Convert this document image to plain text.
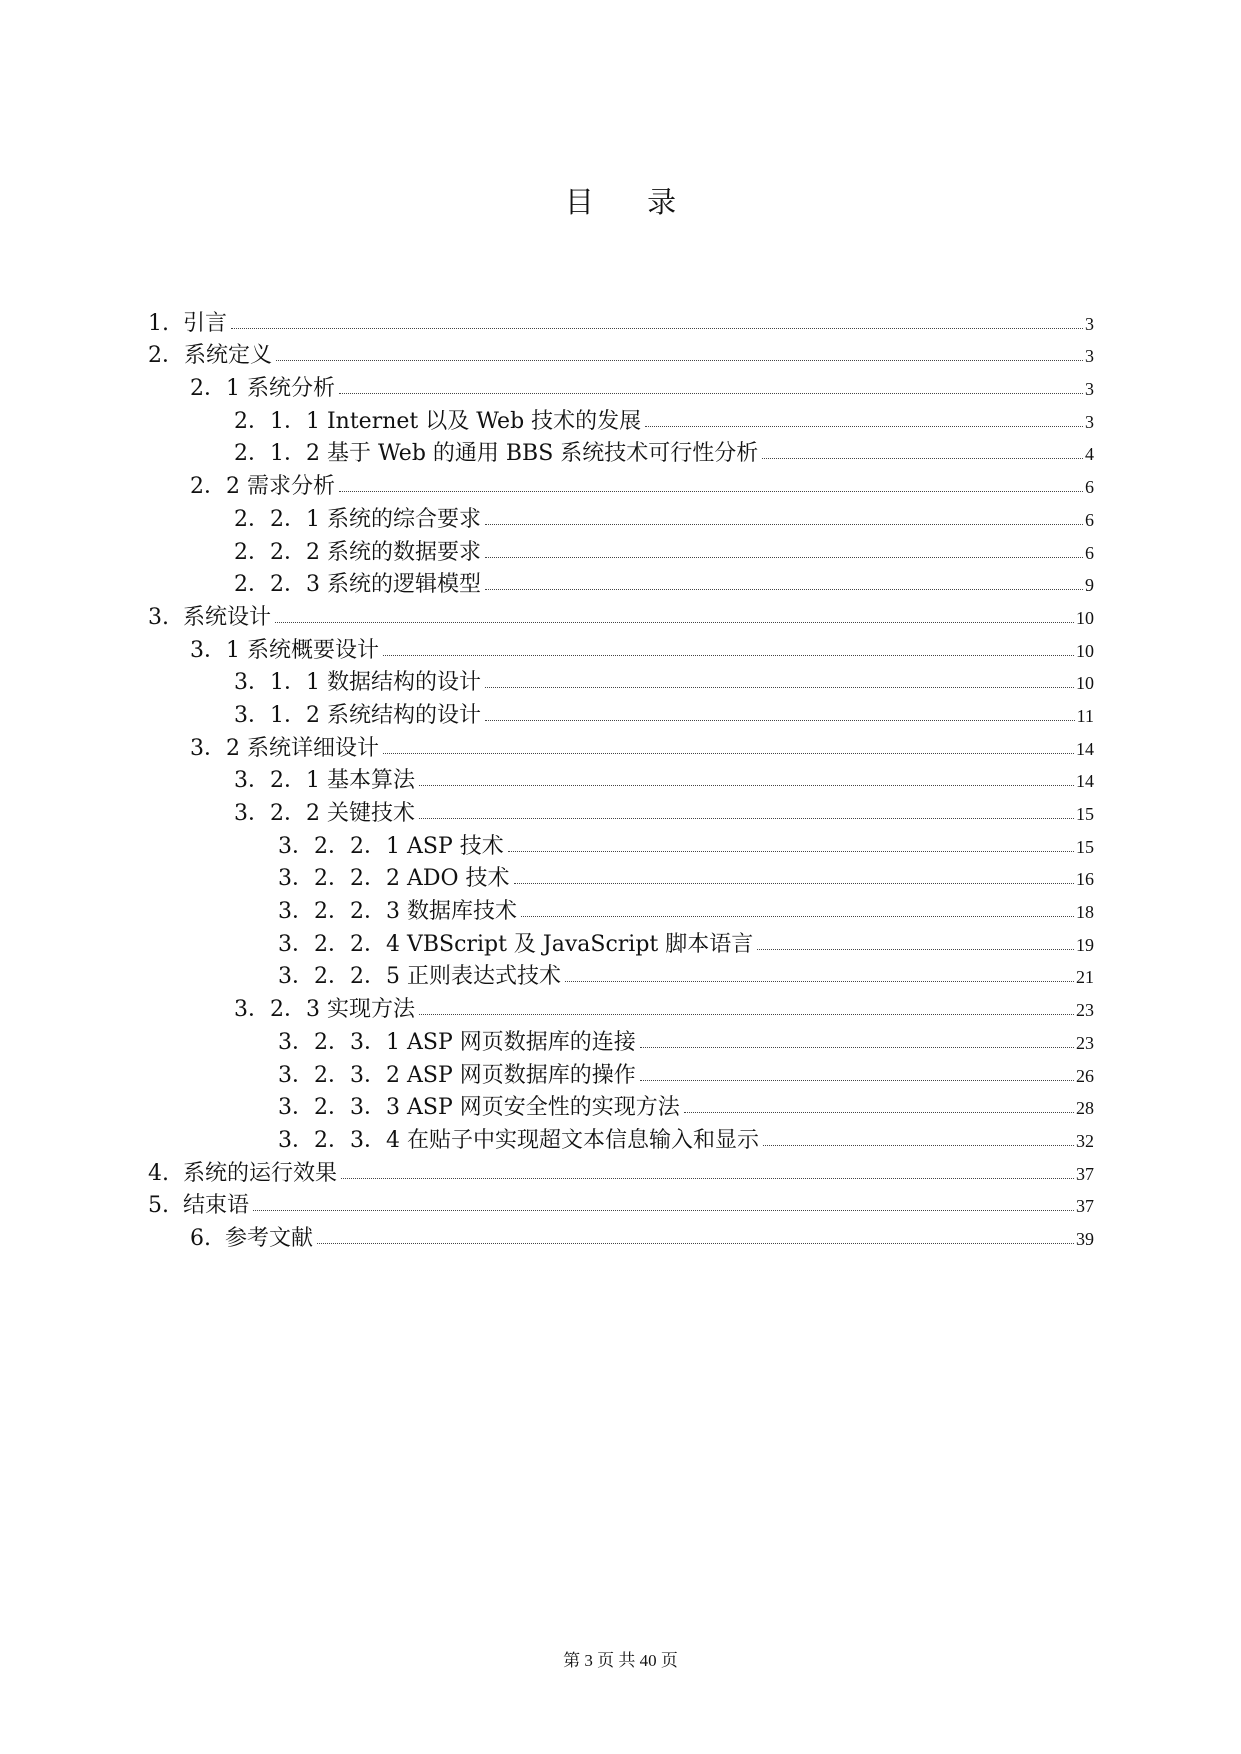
目 录
1.  引言	3
2．系统定义	3
2．1 系统分析	3
2．1．1 Internet 以及 Web 技术的发展	3
2．1．2 基于 Web 的通用 BBS 系统技术可行性分析	4
2．2 需求分析	6
2．2．1 系统的综合要求	6
2．2．2 系统的数据要求	6
2．2．3 系统的逻辑模型	9
3.  系统设计	10
3．1 系统概要设计	10
3．1．1 数据结构的设计	10
3．1．2 系统结构的设计	11
3．2 系统详细设计	14
3．2．1 基本算法	14
3．2．2 关键技术	15
3．2．2．1 ASP 技术	15
3．2．2．2 ADO 技术	16
3．2．2．3 数据库技术	18
3．2．2．4 VBScript 及 JavaScript 脚本语言	19
3．2．2．5 正则表达式技术	21
3．2．3 实现方法	23
3．2．3．1 ASP 网页数据库的连接	23
3．2．3．2 ASP 网页数据库的操作	26
3．2．3．3 ASP 网页安全性的实现方法	28
3．2．3．4 在贴子中实现超文本信息输入和显示	32
4.  系统的运行效果	37
5.  结束语	37
6.  参考文献	39
第 3 页 共 40 页
